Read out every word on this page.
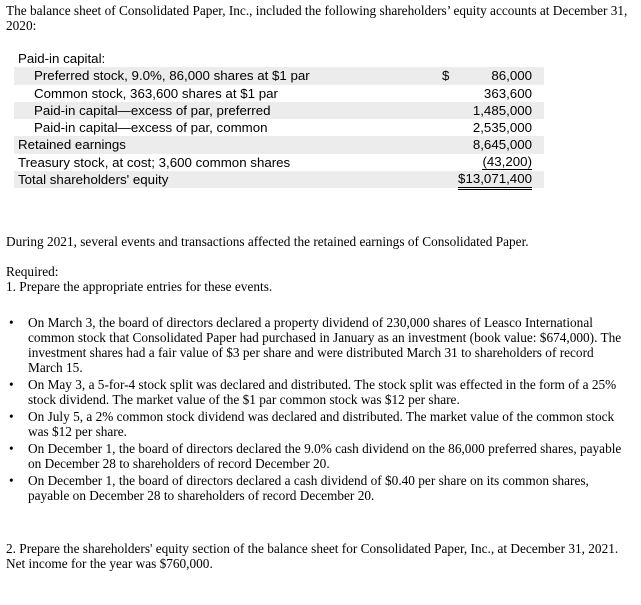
The balance sheet of Consolidated Paper, Inc., included the following shareholders’ equity accounts at December 31, 2020:
Paid-in capital:
Preferred stock, 9.0%, 86,000 shares at $1 par	$	86,000
Common stock, 363,600 shares at $1 par	363,600
Paid-in capital—excess of par, preferred	1,485,000
Paid-in capital—excess of par, common	2,535,000
Retained earnings	8,645,000
Treasury stock, at cost; 3,600 common shares	(43,200)
Total shareholders' equity	$13,071,400
During 2021, several events and transactions affected the retained earnings of Consolidated Paper.
Required:
1. Prepare the appropriate entries for these events.
• On March 3, the board of directors declared a property dividend of 230,000 shares of Leasco International common stock that Consolidated Paper had purchased in January as an investment (book value: $674,000). The investment shares had a fair value of $3 per share and were distributed March 31 to shareholders of record March 15.
• On May 3, a 5-for-4 stock split was declared and distributed. The stock split was effected in the form of a 25% stock dividend. The market value of the $1 par common stock was $12 per share.
• On July 5, a 2% common stock dividend was declared and distributed. The market value of the common stock was $12 per share.
• On December 1, the board of directors declared the 9.0% cash dividend on the 86,000 preferred shares, payable on December 28 to shareholders of record December 20.
• On December 1, the board of directors declared a cash dividend of $0.40 per share on its common shares, payable on December 28 to shareholders of record December 20.
2. Prepare the shareholders' equity section of the balance sheet for Consolidated Paper, Inc., at December 31, 2021. Net income for the year was $760,000.
